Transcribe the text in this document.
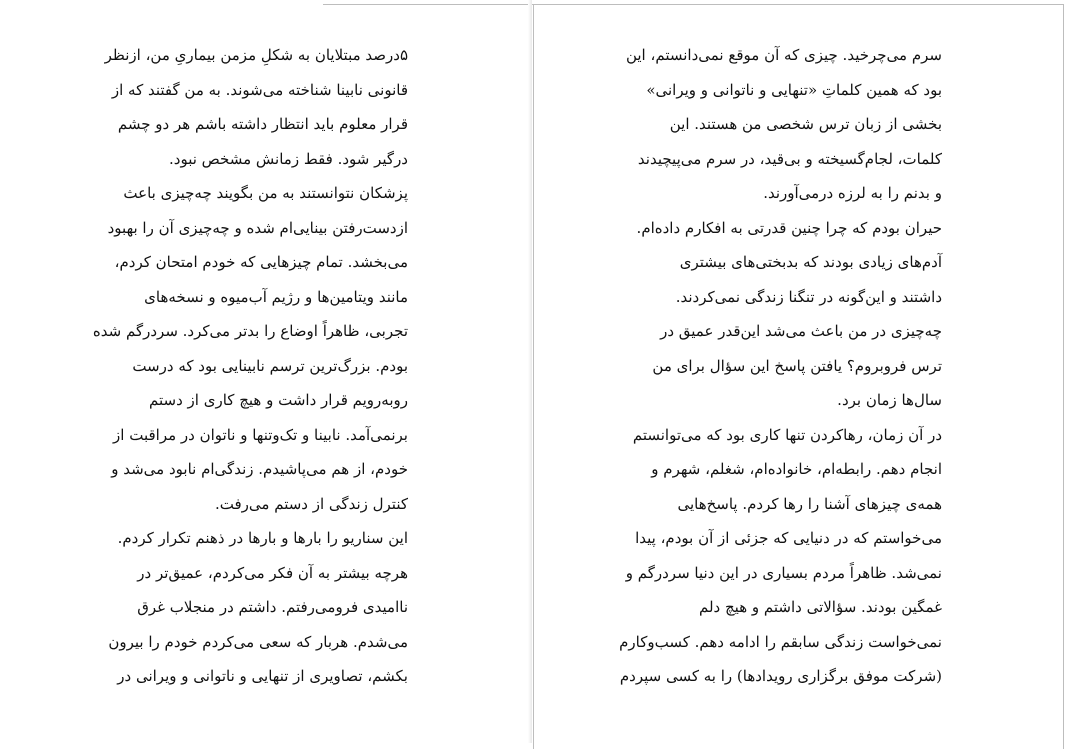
۵درصد مبتلایان به شکلِ مزمن بیماریِ من، ازنظر
قانونی نابینا شناخته می‌شوند. به من گفتند که از
قرار معلوم باید انتظار داشته باشم هر دو چشم
درگیر شود. فقط زمانش مشخص نبود.
پزشکان نتوانستند به من بگویند چه‌چیزی باعث
ازدست‌رفتن بینایی‌ام شده و چه‌چیزی آن را بهبود
می‌بخشد. تمام چیزهایی که خودم امتحان کردم،
مانند ویتامین‌ها و رژیم آب‌میوه و نسخه‌های
تجربی، ظاهراً اوضاع را بدتر می‌کرد. سردرگم شده
بودم. بزرگ‌ترین ترسم نابینایی بود که درست
روبه‌رویم قرار داشت و هیچ کاری از دستم
برنمی‌آمد. نابینا و تک‌وتنها و ناتوان در مراقبت از
خودم، از هم می‌پاشیدم. زندگی‌ام نابود می‌شد و
کنترل زندگی از دستم می‌رفت.
این سناریو را بارها و بارها در ذهنم تکرار کردم.
هرچه بیشتر به آن فکر می‌کردم، عمیق‌تر در
ناامیدی فرومی‌رفتم. داشتم در منجلاب غرق
می‌شدم. هربار که سعی می‌کردم خودم را بیرون
بکشم، تصاویری از تنهایی و ناتوانی و ویرانی در
سرم می‌چرخید. چیزی که آن موقع نمی‌دانستم، این
بود که همین کلماتِ «تنهایی و ناتوانی و ویرانی»
بخشی از زبان ترس شخصی من هستند. این
کلمات، لجام‌گسیخته و بی‌قید، در سرم می‌پیچیدند
و بدنم را به لرزه درمی‌آورند.
حیران بودم که چرا چنین قدرتی به افکارم داده‌ام.
آدم‌های زیادی بودند که بدبختی‌های بیشتری
داشتند و این‌گونه در تنگنا زندگی نمی‌کردند.
چه‌چیزی در من باعث می‌شد این‌قدر عمیق در
ترس فروبروم؟ یافتن پاسخ این سؤال برای من
سال‌ها زمان برد.
در آن زمان، رهاکردن تنها کاری بود که می‌توانستم
انجام دهم. رابطه‌ام، خانواده‌ام، شغلم، شهرم و
همه‌ی چیزهای آشنا را رها کردم. پاسخ‌هایی
می‌خواستم که در دنیایی که جزئی از آن بودم، پیدا
نمی‌شد. ظاهراً مردم بسیاری در این دنیا سردرگم و
غمگین بودند. سؤالاتی داشتم و هیچ دلم
نمی‌خواست زندگی سابقم را ادامه دهم. کسب‌وکارم
(شرکت موفق برگزاری رویدادها) را به کسی سپردم
